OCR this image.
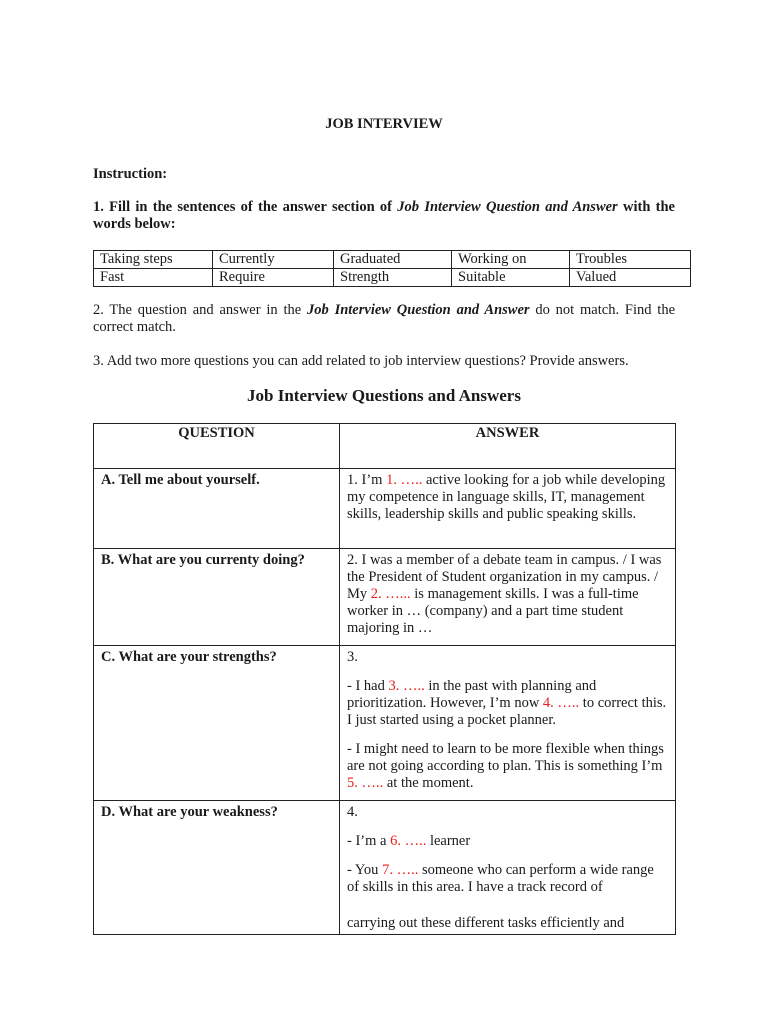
JOB INTERVIEW
Instruction:
1. Fill in the sentences of the answer section of Job Interview Question and Answer with the words below:
Taking steps	Currently	Graduated	Working on	Troubles
Fast	Require	Strength	Suitable	Valued
2. The question and answer in the Job Interview Question and Answer do not match. Find the correct match.
3. Add two more questions you can add related to job interview questions? Provide answers.
Job Interview Questions and Answers
QUESTION	ANSWER
A. Tell me about yourself.	1. I’m 1. ….. active looking for a job while developing my competence in language skills, IT, management skills, leadership skills and public speaking skills.

B. What are you currenty doing?	2. I was a member of a debate team in campus. / I was the President of Student organization in my campus. / My 2. …... is management skills. I was a full-time worker in … (company) and a part time student majoring in …

C. What are your strengths?	3.

- I had 3. ….. in the past with planning and prioritization. However, I’m now 4. ….. to correct this. I just started using a pocket planner.

- I might need to learn to be more flexible when things are not going according to plan. This is something I’m 5. ….. at the moment.

D. What are your weakness?	4.

- I’m a 6. ….. learner

- You 7. ….. someone who can perform a wide range of skills in this area. I have a track record of

carrying out these different tasks efficiently and
